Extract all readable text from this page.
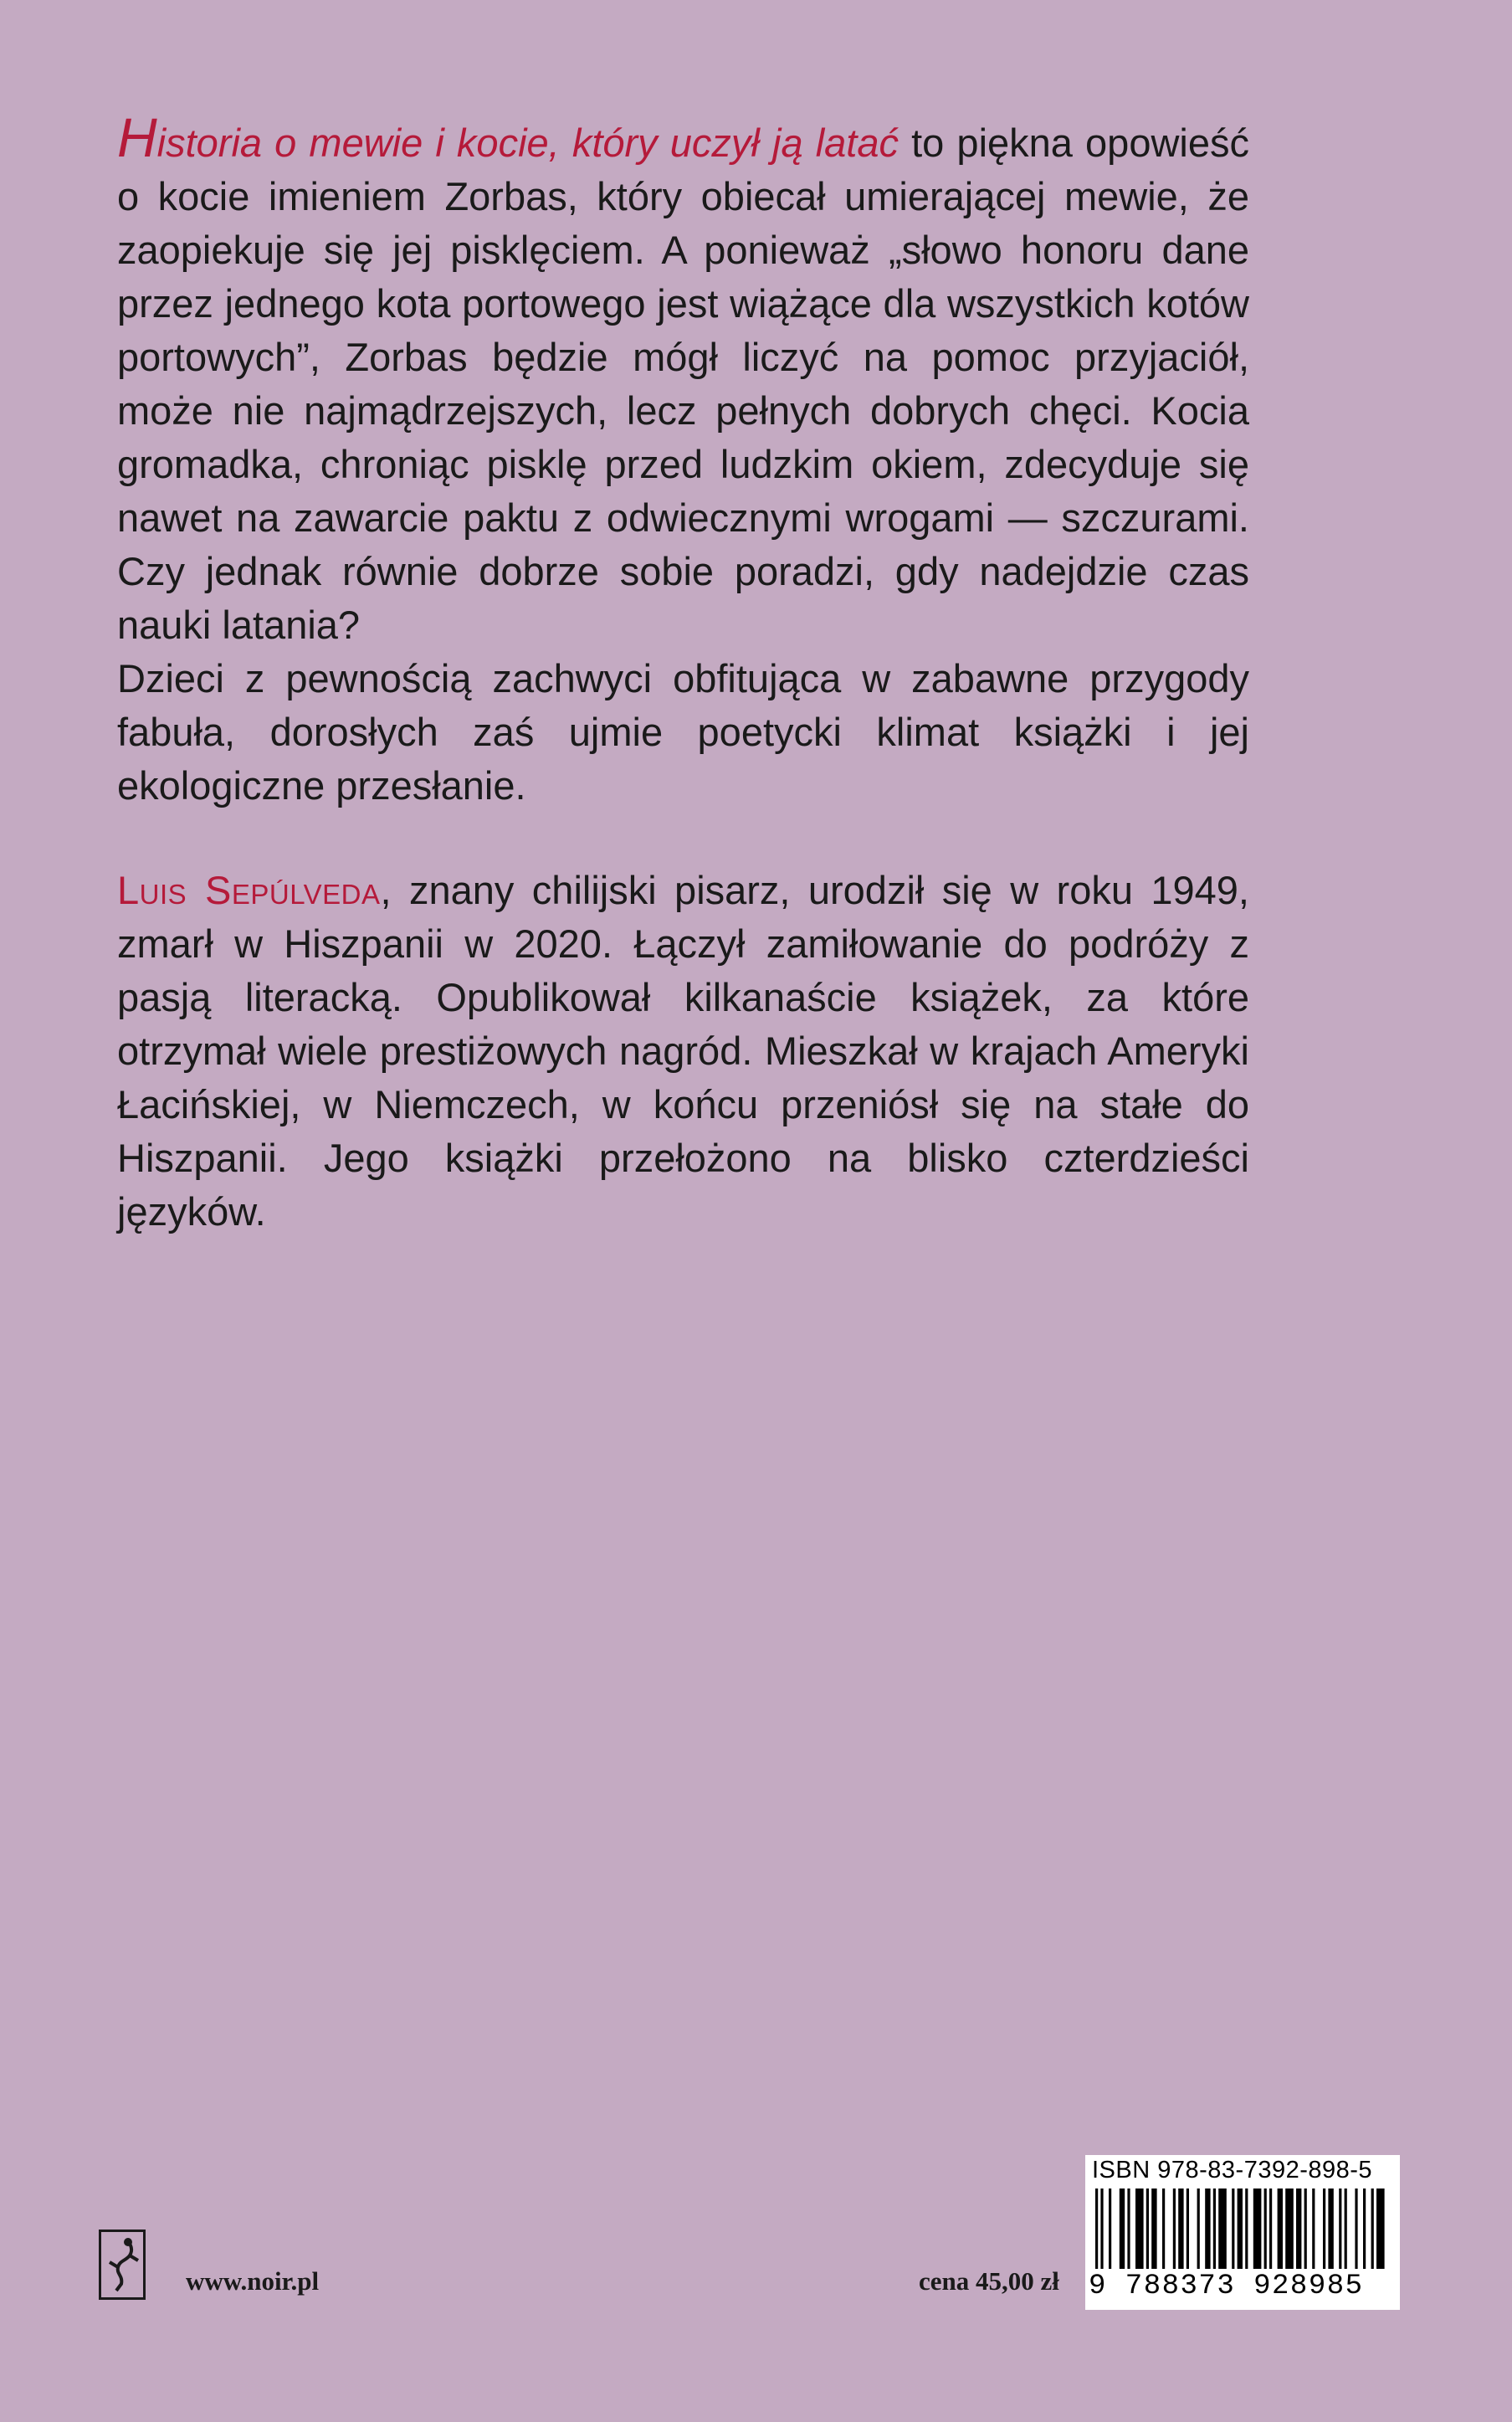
Historia o mewie i kocie, który uczył ją latać to piękna opowieść o kocie imieniem Zorbas, który obiecał umierającej mewie, że zaopiekuje się jej pisklęciem. A ponieważ „słowo honoru dane przez jednego kota portowego jest wiążące dla wszystkich kotów portowych”, Zorbas będzie mógł liczyć na pomoc przyjaciół, może nie najmądrzejszych, lecz pełnych dobrych chęci. Kocia gromadka, chroniąc pisklę przed ludzkim okiem, zdecyduje się nawet na zawarcie paktu z odwiecznymi wrogami — szczurami. Czy jednak równie dobrze sobie poradzi, gdy nadejdzie czas nauki latania?

Dzieci z pewnością zachwyci obfitująca w zabawne przygody fabuła, dorosłych zaś ujmie poetycki klimat książki i jej ekologiczne przesłanie.

Luis Sepúlveda, znany chilijski pisarz, urodził się w roku 1949, zmarł w Hiszpanii w 2020. Łączył zamiłowanie do podróży z pasją literacką. Opublikował kilkanaście książek, za które otrzymał wiele prestiżowych nagród. Mieszkał w krajach Ameryki Łacińskiej, w Niemczech, w końcu przeniósł się na stałe do Hiszpanii. Jego książki przełożono na blisko czterdzieści języków.

www.noir.pl	cena 45,00 zł
ISBN 978-83-7392-898-5
9 788373 928985
